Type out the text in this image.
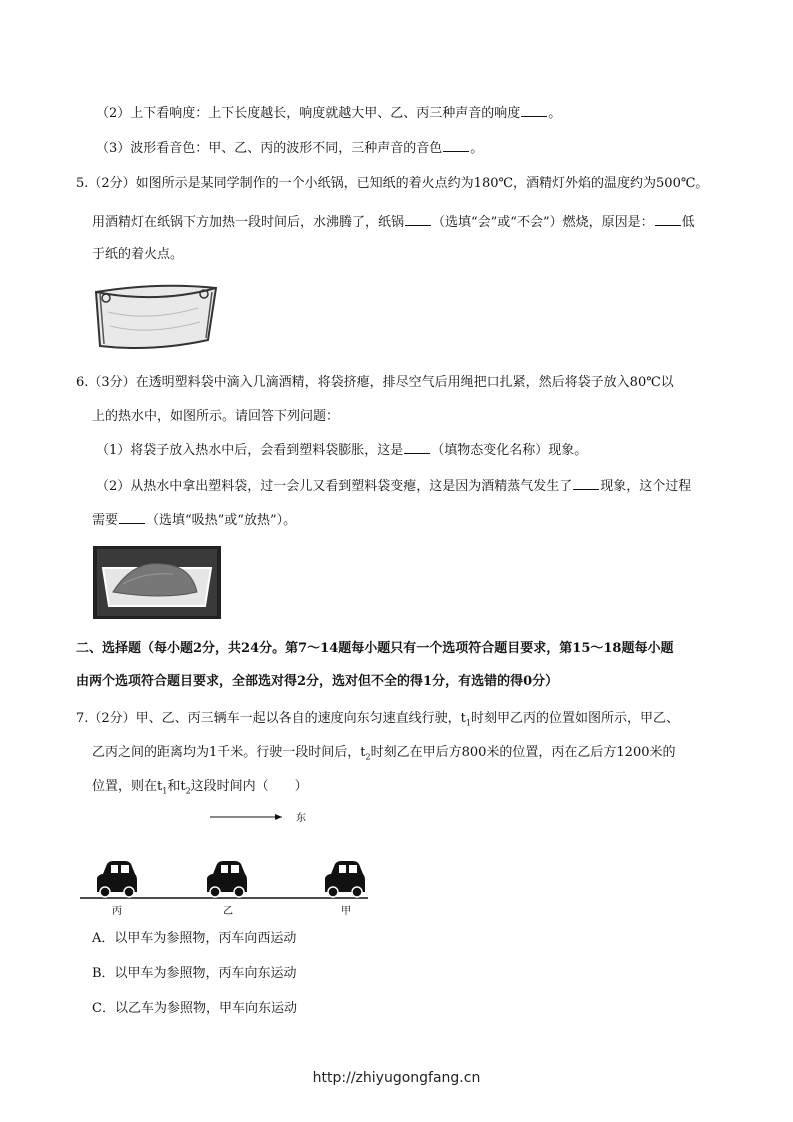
（2）上下看响度：上下长度越长，响度就越大甲、乙、丙三种声音的响度 。
（3）波形看音色：甲、乙、丙的波形不同，三种声音的音色 。
5.（2分）如图所示是某同学制作的一个小纸锅，已知纸的着火点约为180℃，酒精灯外焰的温度约为500℃。
用酒精灯在纸锅下方加热一段时间后，水沸腾了，纸锅 （选填“会”或“不会”）燃烧，原因是： 低
于纸的着火点。
6.（3分）在透明塑料袋中滴入几滴酒精，将袋挤瘪，排尽空气后用绳把口扎紧，然后将袋子放入80℃以
上的热水中，如图所示。请回答下列问题：
（1）将袋子放入热水中后，会看到塑料袋膨胀，这是 （填物态变化名称）现象。
（2）从热水中拿出塑料袋，过一会儿又看到塑料袋变瘪，这是因为酒精蒸气发生了 现象，这个过程
需要 （选填“吸热”或“放热”）。
二、选择题（每小题2分，共24分。第7～14题每小题只有一个选项符合题目要求，第15～18题每小题
由两个选项符合题目要求，全部选对得2分，选对但不全的得1分，有选错的得0分）
7.（2分）甲、乙、丙三辆车一起以各自的速度向东匀速直线行驶，$t_1$时刻甲乙丙的位置如图所示，甲乙、
乙丙之间的距离均为1千米。行驶一段时间后，$t_2$时刻乙在甲后方800米的位置，丙在乙后方1200米的
位置，则在$t_1$和$t_2$这段时间内（　　）
东
丙	乙	甲
A．以甲车为参照物，丙车向西运动
B．以甲车为参照物，丙车向东运动
C．以乙车为参照物，甲车向东运动
http://zhiyugongfang.cn
